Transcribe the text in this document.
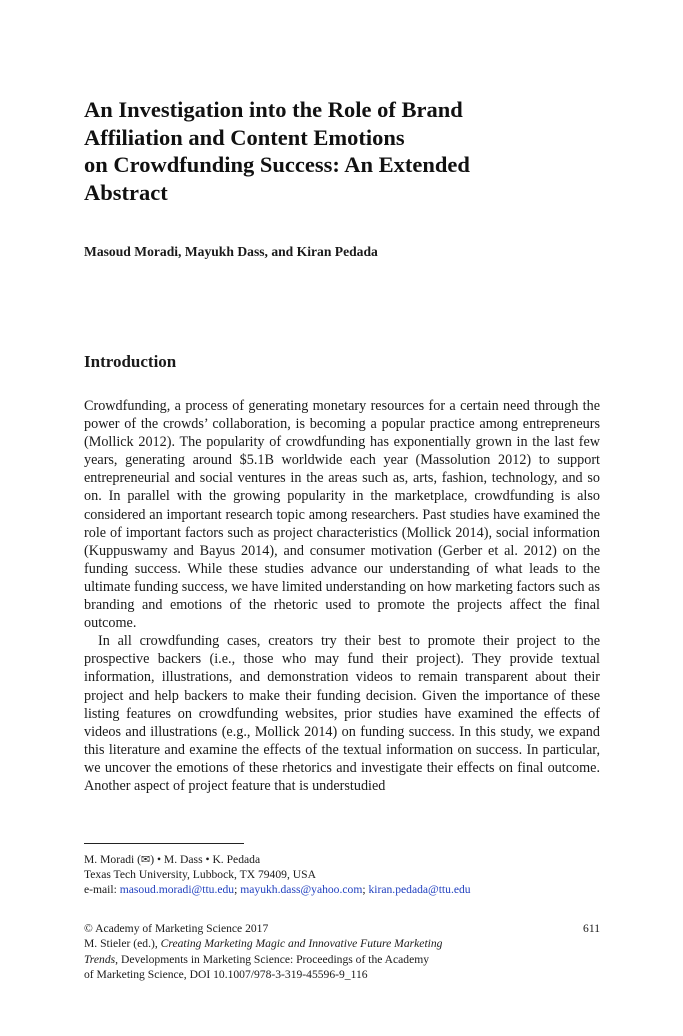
An Investigation into the Role of Brand
Affiliation and Content Emotions
on Crowdfunding Success: An Extended
Abstract

Masoud Moradi, Mayukh Dass, and Kiran Pedada

Introduction

Crowdfunding, a process of generating monetary resources for a certain need through the power of the crowds’ collaboration, is becoming a popular practice among entrepreneurs (Mollick 2012). The popularity of crowdfunding has exponentially grown in the last few years, generating around $5.1B worldwide each year (Massolution 2012) to support entrepreneurial and social ventures in the areas such as, arts, fashion, technology, and so on. In parallel with the growing popularity in the marketplace, crowdfunding is also considered an important research topic among researchers. Past studies have examined the role of important factors such as project characteristics (Mollick 2014), social information (Kuppuswamy and Bayus 2014), and consumer motivation (Gerber et al. 2012) on the funding success. While these studies advance our understanding of what leads to the ultimate funding success, we have limited understanding on how marketing factors such as branding and emotions of the rhetoric used to promote the projects affect the final outcome.

In all crowdfunding cases, creators try their best to promote their project to the prospective backers (i.e., those who may fund their project). They provide textual information, illustrations, and demonstration videos to remain transparent about their project and help backers to make their funding decision. Given the importance of these listing features on crowdfunding websites, prior studies have examined the effects of videos and illustrations (e.g., Mollick 2014) on funding success. In this study, we expand this literature and examine the effects of the textual information on success. In particular, we uncover the emotions of these rhetorics and investigate their effects on final outcome. Another aspect of project feature that is understudied

M. Moradi (✉) • M. Dass • K. Pedada
Texas Tech University, Lubbock, TX 79409, USA
e-mail: masoud.moradi@ttu.edu; mayukh.dass@yahoo.com; kiran.pedada@ttu.edu
© Academy of Marketing Science 2017	611
M. Stieler (ed.), Creating Marketing Magic and Innovative Future Marketing
Trends, Developments in Marketing Science: Proceedings of the Academy
of Marketing Science, DOI 10.1007/978-3-319-45596-9_116
